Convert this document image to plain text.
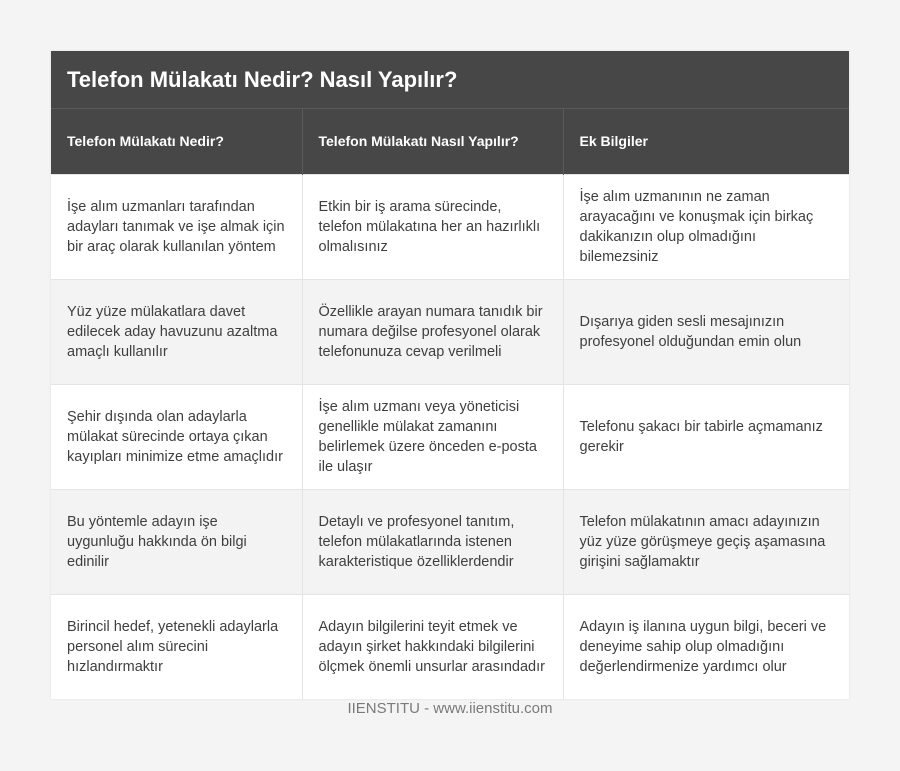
Telefon Mülakatı Nedir? Nasıl Yapılır?
Telefon Mülakatı Nedir?	Telefon Mülakatı Nasıl Yapılır?	Ek Bilgiler
İşe alım uzmanları tarafından adayları tanımak ve işe almak için bir araç olarak kullanılan yöntem	Etkin bir iş arama sürecinde, telefon mülakatına her an hazırlıklı olmalısınız	İşe alım uzmanının ne zaman arayacağını ve konuşmak için birkaç dakikanızın olup olmadığını bilemezsiniz
Yüz yüze mülakatlara davet edilecek aday havuzunu azaltma amaçlı kullanılır	Özellikle arayan numara tanıdık bir numara değilse profesyonel olarak telefonunuza cevap verilmeli	Dışarıya giden sesli mesajınızın profesyonel olduğundan emin olun
Şehir dışında olan adaylarla mülakat sürecinde ortaya çıkan kayıpları minimize etme amaçlıdır	İşe alım uzmanı veya yöneticisi genellikle mülakat zamanını belirlemek üzere önceden e-posta ile ulaşır	Telefonu şakacı bir tabirle açmamanız gerekir
Bu yöntemle adayın işe uygunluğu hakkında ön bilgi edinilir	Detaylı ve profesyonel tanıtım, telefon mülakatlarında istenen karakteristique özelliklerdendir	Telefon mülakatının amacı adayınızın yüz yüze görüşmeye geçiş aşamasına girişini sağlamaktır
Birincil hedef, yetenekli adaylarla personel alım sürecini hızlandırmaktır	Adayın bilgilerini teyit etmek ve adayın şirket hakkındaki bilgilerini ölçmek önemli unsurlar arasındadır	Adayın iş ilanına uygun bilgi, beceri ve deneyime sahip olup olmadığını değerlendirmenize yardımcı olur
IIENSTITU - www.iienstitu.com
